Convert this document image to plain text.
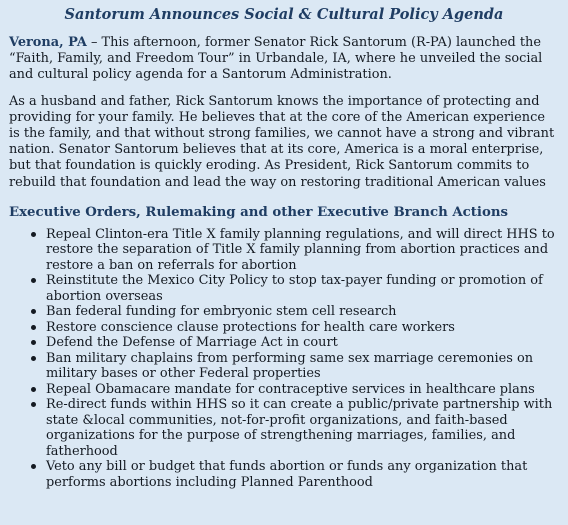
Santorum Announces Social & Cultural Policy Agenda

Verona, PA – This afternoon, former Senator Rick Santorum (R-PA) launched the “Faith, Family, and Freedom Tour” in Urbandale, IA, where he unveiled the social and cultural policy agenda for a Santorum Administration.

As a husband and father, Rick Santorum knows the importance of protecting and providing for your family. He believes that at the core of the American experience is the family, and that without strong families, we cannot have a strong and vibrant nation. Senator Santorum believes that at its core, America is a moral enterprise, but that foundation is quickly eroding. As President, Rick Santorum commits to rebuild that foundation and lead the way on restoring traditional American values

Executive Orders, Rulemaking and other Executive Branch Actions
Repeal Clinton-era Title X family planning regulations, and will direct HHS to restore the separation of Title X family planning from abortion practices and restore a ban on referrals for abortion
Reinstitute the Mexico City Policy to stop tax-payer funding or promotion of abortion overseas
Ban federal funding for embryonic stem cell research
Restore conscience clause protections for health care workers
Defend the Defense of Marriage Act in court
Ban military chaplains from performing same sex marriage ceremonies on military bases or other Federal properties
Repeal Obamacare mandate for contraceptive services in healthcare plans
Re-direct funds within HHS so it can create a public/private partnership with state &local communities, not-for-profit organizations, and faith-based organizations for the purpose of strengthening marriages, families, and fatherhood
Veto any bill or budget that funds abortion or funds any organization that performs abortions including Planned Parenthood
